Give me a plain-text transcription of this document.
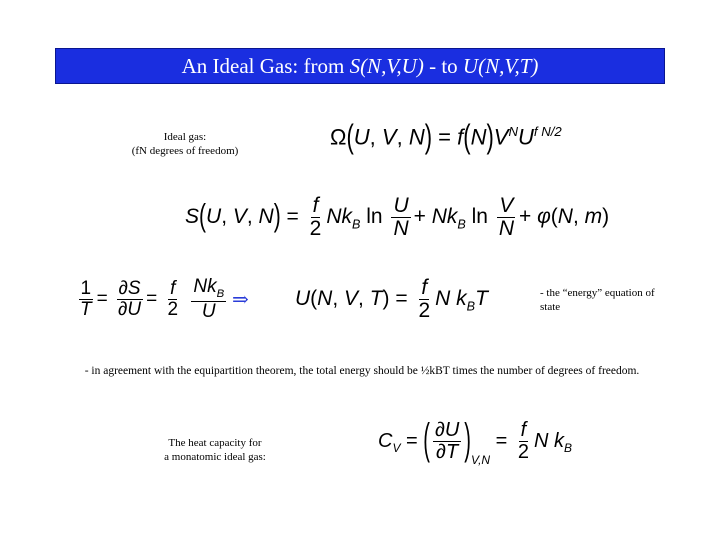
An Ideal Gas: from S(N,V,U) - to U(N,V,T)
Ideal gas:
(fN degrees of freedom)
Ω(U, V, $N) = f(N)V^NU^{f N/2}$
S(U, V, $N) = \frac{f}{2} Nk_B$ $\ln \frac{U}{N} + Nk_B$ $\ln \frac{V}{N} + \varphi(N$, m)
$\frac{1}{T} = \frac{\partial S}{\partial U} = \frac{f}{2}$
$\frac{Nk_B}{U}$ ⇒ U(N, V, $T) = \frac{f}{2}$ N $k_BT$	- the “energy” equation of state
- in agreement with the equipartition theorem, the total energy should be ½kBT times the number of degrees of freedom.
The heat capacity for
a monatomic ideal gas:
$C_V$ = ( $\frac{\partial U}{\partial T} )_{V,N} = \frac{f}{2}$ N $k_B$
